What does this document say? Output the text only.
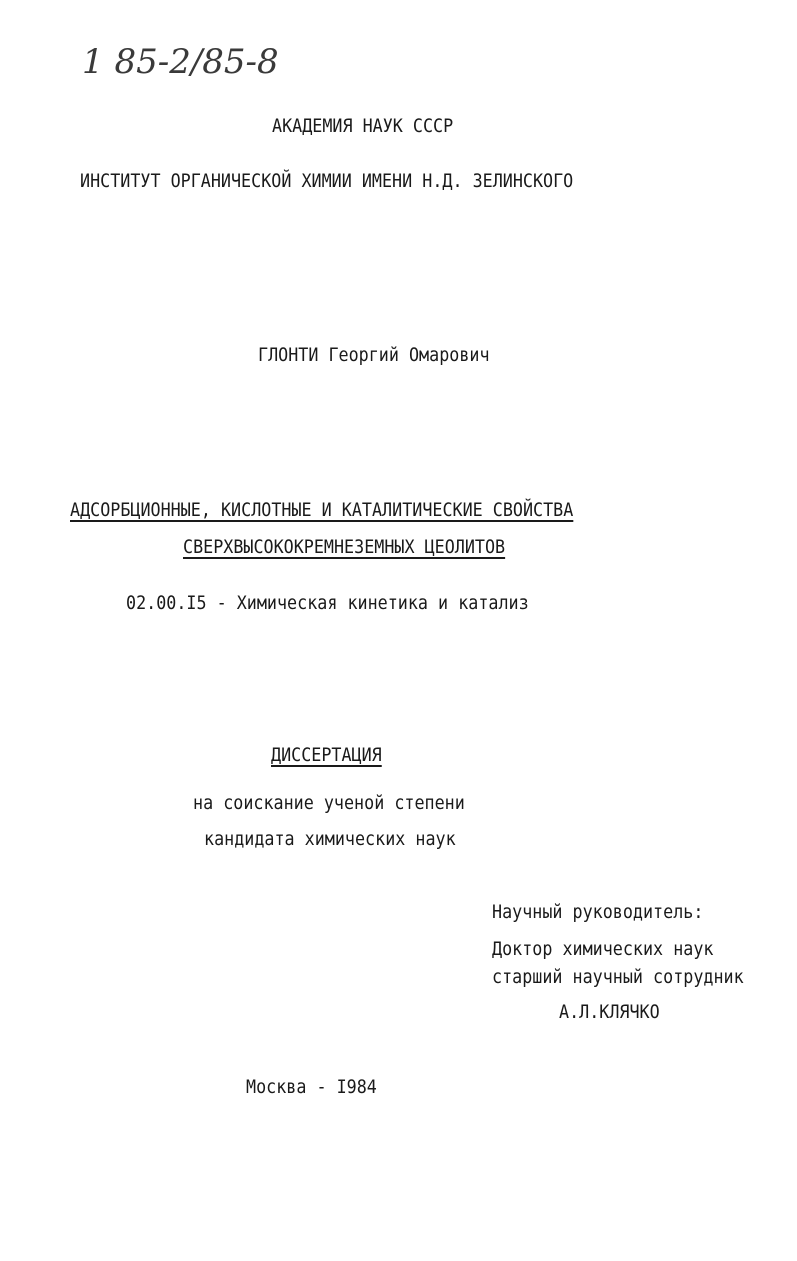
1 85-2/85-8
АКАДЕМИЯ НАУК СССР
ИНСТИТУТ ОРГАНИЧЕСКОЙ ХИМИИ ИМЕНИ Н.Д. ЗЕЛИНСКОГО
ГЛОНТИ Георгий Омарович
АДСОРБЦИОННЫЕ, КИСЛОТНЫЕ И КАТАЛИТИЧЕСКИЕ СВОЙСТВА
СВЕРХВЫСОКОКРЕМНЕЗЕМНЫХ ЦЕОЛИТОВ
02.00.I5 - Химическая кинетика и катализ
ДИССЕРТАЦИЯ
на соискание ученой степени
кандидата химических наук
Научный руководитель:
Доктор химических наук
старший научный сотрудник
А.Л.КЛЯЧКО
Москва - I984
